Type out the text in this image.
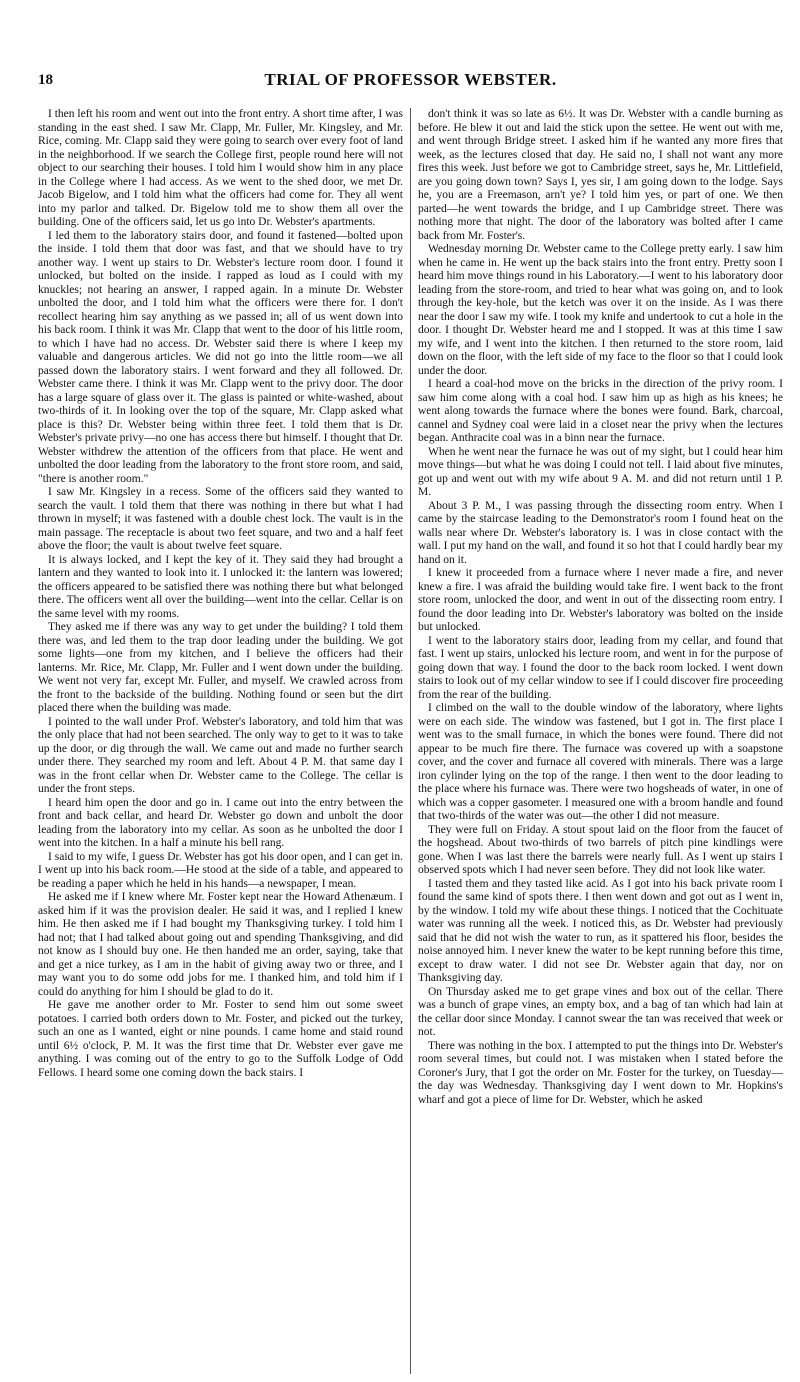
18	TRIAL OF PROFESSOR WEBSTER.

I then left his room and went out into the front entry. A short time after, I was standing in the east shed. I saw Mr. Clapp, Mr. Fuller, Mr. Kingsley, and Mr. Rice, coming. Mr. Clapp said they were going to search over every foot of land in the neighborhood. If we search the College first, people round here will not object to our searching their houses. I told him I would show him in any place in the College where I had access. As we went to the shed door, we met Dr. Jacob Bigelow, and I told him what the officers had come for. They all went into my parlor and talked. Dr. Bigelow told me to show them all over the building. One of the officers said, let us go into Dr. Webster's apartments.

I led them to the laboratory stairs door, and found it fastened—bolted upon the inside. I told them that door was fast, and that we should have to try another way. I went up stairs to Dr. Webster's lecture room door. I found it unlocked, but bolted on the inside. I rapped as loud as I could with my knuckles; not hearing an answer, I rapped again. In a minute Dr. Webster unbolted the door, and I told him what the officers were there for. I don't recollect hearing him say anything as we passed in; all of us went down into his back room. I think it was Mr. Clapp that went to the door of his little room, to which I have had no access. Dr. Webster said there is where I keep my valuable and dangerous articles. We did not go into the little room—we all passed down the laboratory stairs. I went forward and they all followed. Dr. Webster came there. I think it was Mr. Clapp went to the privy door. The door has a large square of glass over it. The glass is painted or white-washed, about two-thirds of it. In looking over the top of the square, Mr. Clapp asked what place is this? Dr. Webster being within three feet. I told them that is Dr. Webster's private privy—no one has access there but himself. I thought that Dr. Webster withdrew the attention of the officers from that place. He went and unbolted the door leading from the laboratory to the front store room, and said, "there is another room."

I saw Mr. Kingsley in a recess. Some of the officers said they wanted to search the vault. I told them that there was nothing in there but what I had thrown in myself; it was fastened with a double chest lock. The vault is in the main passage. The receptacle is about two feet square, and two and a half feet above the floor; the vault is about twelve feet square.

It is always locked, and I kept the key of it. They said they had brought a lantern and they wanted to look into it. I unlocked it: the lantern was lowered; the officers appeared to be satisfied there was nothing there but what belonged there. The officers went all over the building—went into the cellar. Cellar is on the same level with my rooms.

They asked me if there was any way to get under the building? I told them there was, and led them to the trap door leading under the building. We got some lights—one from my kitchen, and I believe the officers had their lanterns. Mr. Rice, Mr. Clapp, Mr. Fuller and I went down under the building. We went not very far, except Mr. Fuller, and myself. We crawled across from the front to the backside of the building. Nothing found or seen but the dirt placed there when the building was made.

I pointed to the wall under Prof. Webster's laboratory, and told him that was the only place that had not been searched. The only way to get to it was to take up the door, or dig through the wall. We came out and made no further search under there. They searched my room and left. About 4 P. M. that same day I was in the front cellar when Dr. Webster came to the College. The cellar is under the front steps.

I heard him open the door and go in. I came out into the entry between the front and back cellar, and heard Dr. Webster go down and unbolt the door leading from the laboratory into my cellar. As soon as he unbolted the door I went into the kitchen. In a half a minute his bell rang.

I said to my wife, I guess Dr. Webster has got his door open, and I can get in. I went up into his back room.—He stood at the side of a table, and appeared to be reading a paper which he held in his hands—a newspaper, I mean.

He asked me if I knew where Mr. Foster kept near the Howard Athenæum. I asked him if it was the provision dealer. He said it was, and I replied I knew him. He then asked me if I had bought my Thanksgiving turkey. I told him I had not; that I had talked about going out and spending Thanksgiving, and did not know as I should buy one. He then handed me an order, saying, take that and get a nice turkey, as I am in the habit of giving away two or three, and I may want you to do some odd jobs for me. I thanked him, and told him if I could do anything for him I should be glad to do it.

He gave me another order to Mr. Foster to send him out some sweet potatoes. I carried both orders down to Mr. Foster, and picked out the turkey, such an one as I wanted, eight or nine pounds. I came home and staid round until 6½ o'clock, P. M. It was the first time that Dr. Webster ever gave me anything. I was coming out of the entry to go to the Suffolk Lodge of Odd Fellows. I heard some one coming down the back stairs. I

don't think it was so late as 6½. It was Dr. Webster with a candle burning as before. He blew it out and laid the stick upon the settee. He went out with me, and went through Bridge street. I asked him if he wanted any more fires that week, as the lectures closed that day. He said no, I shall not want any more fires this week. Just before we got to Cambridge street, says he, Mr. Littlefield, are you going down town? Says I, yes sir, I am going down to the lodge. Says he, you are a Freemason, arn't ye? I told him yes, or part of one. We then parted—he went towards the bridge, and I up Cambridge street. There was nothing more that night. The door of the laboratory was bolted after I came back from Mr. Foster's.

Wednesday morning Dr. Webster came to the College pretty early. I saw him when he came in. He went up the back stairs into the front entry. Pretty soon I heard him move things round in his Laboratory.—I went to his laboratory door leading from the store-room, and tried to hear what was going on, and to look through the key-hole, but the ketch was over it on the inside. As I was there near the door I saw my wife. I took my knife and undertook to cut a hole in the door. I thought Dr. Webster heard me and I stopped. It was at this time I saw my wife, and I went into the kitchen. I then returned to the store room, laid down on the floor, with the left side of my face to the floor so that I could look under the door.

I heard a coal-hod move on the bricks in the direction of the privy room. I saw him come along with a coal hod. I saw him up as high as his knees; he went along towards the furnace where the bones were found. Bark, charcoal, cannel and Sydney coal were laid in a closet near the privy when the lectures began. Anthracite coal was in a binn near the furnace.

When he went near the furnace he was out of my sight, but I could hear him move things—but what he was doing I could not tell. I laid about five minutes, got up and went out with my wife about 9 A. M. and did not return until 1 P. M.

About 3 P. M., I was passing through the dissecting room entry. When I came by the staircase leading to the Demonstrator's room I found heat on the walls near where Dr. Webster's laboratory is. I was in close contact with the wall. I put my hand on the wall, and found it so hot that I could hardly bear my hand on it.

I knew it proceeded from a furnace where I never made a fire, and never knew a fire. I was afraid the building would take fire. I went back to the front store room, unlocked the door, and went in out of the dissecting room entry. I found the door leading into Dr. Webster's laboratory was bolted on the inside but unlocked.

I went to the laboratory stairs door, leading from my cellar, and found that fast. I went up stairs, unlocked his lecture room, and went in for the purpose of going down that way. I found the door to the back room locked. I went down stairs to look out of my cellar window to see if I could discover fire proceeding from the rear of the building.

I climbed on the wall to the double window of the laboratory, where lights were on each side. The window was fastened, but I got in. The first place I went was to the small furnace, in which the bones were found. There did not appear to be much fire there. The furnace was covered up with a soapstone cover, and the cover and furnace all covered with minerals. There was a large iron cylinder lying on the top of the range. I then went to the door leading to the place where his furnace was. There were two hogsheads of water, in one of which was a copper gasometer. I measured one with a broom handle and found that two-thirds of the water was out—the other I did not measure.

They were full on Friday. A stout spout laid on the floor from the faucet of the hogshead. About two-thirds of two barrels of pitch pine kindlings were gone. When I was last there the barrels were nearly full. As I went up stairs I observed spots which I had never seen before. They did not look like water.

I tasted them and they tasted like acid. As I got into his back private room I found the same kind of spots there. I then went down and got out as I went in, by the window. I told my wife about these things. I noticed that the Cochituate water was running all the week. I noticed this, as Dr. Webster had previously said that he did not wish the water to run, as it spattered his floor, besides the noise annoyed him. I never knew the water to be kept running before this time, except to draw water. I did not see Dr. Webster again that day, nor on Thanksgiving day.

On Thursday asked me to get grape vines and box out of the cellar. There was a bunch of grape vines, an empty box, and a bag of tan which had lain at the cellar door since Monday. I cannot swear the tan was received that week or not.

There was nothing in the box. I attempted to put the things into Dr. Webster's room several times, but could not. I was mistaken when I stated before the Coroner's Jury, that I got the order on Mr. Foster for the turkey, on Tuesday—the day was Wednesday. Thanksgiving day I went down to Mr. Hopkins's wharf and got a piece of lime for Dr. Webster, which he asked
